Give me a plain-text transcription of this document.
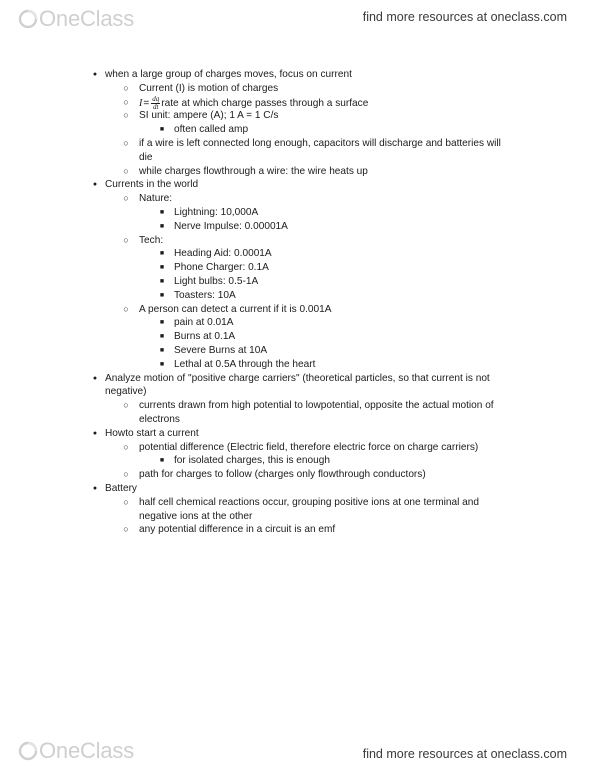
OneClass	find more resources at oneclass.com
● when a large group of charges moves, focus on current
○ Current (I) is motion of charges
○ $I= \frac{dq}{dt}$ rate at which charge passes through a surface
○ SI unit: ampere (A); 1 A = 1 C/s
■ often called amp
○ if a wire is left connected long enough, capacitors will discharge and batteries will
die
○ while charges flowthrough a wire: the wire heats up
● Currents in the world
○ Nature:
■ Lightning: 10,000A
■ Nerve Impulse: 0.00001A
○ Tech:
■ Heading Aid: 0.0001A
■ Phone Charger: 0.1A
■ Light bulbs: 0.5-1A
■ Toasters: 10A
○ A person can detect a current if it is 0.001A
■ pain at 0.01A
■ Burns at 0.1A
■ Severe Burns at 10A
■ Lethal at 0.5A through the heart
● Analyze motion of "positive charge carriers" (theoretical particles, so that current is not
negative)
○ currents drawn from high potential to lowpotential, opposite the actual motion of
electrons
● Howto start a current
○ potential difference (Electric field, therefore electric force on charge carriers)
■ for isolated charges, this is enough
○ path for charges to follow (charges only flowthrough conductors)
● Battery
○ half cell chemical reactions occur, grouping positive ions at one terminal and
negative ions at the other
○ any potential difference in a circuit is an emf
OneClass	find more resources at oneclass.com
